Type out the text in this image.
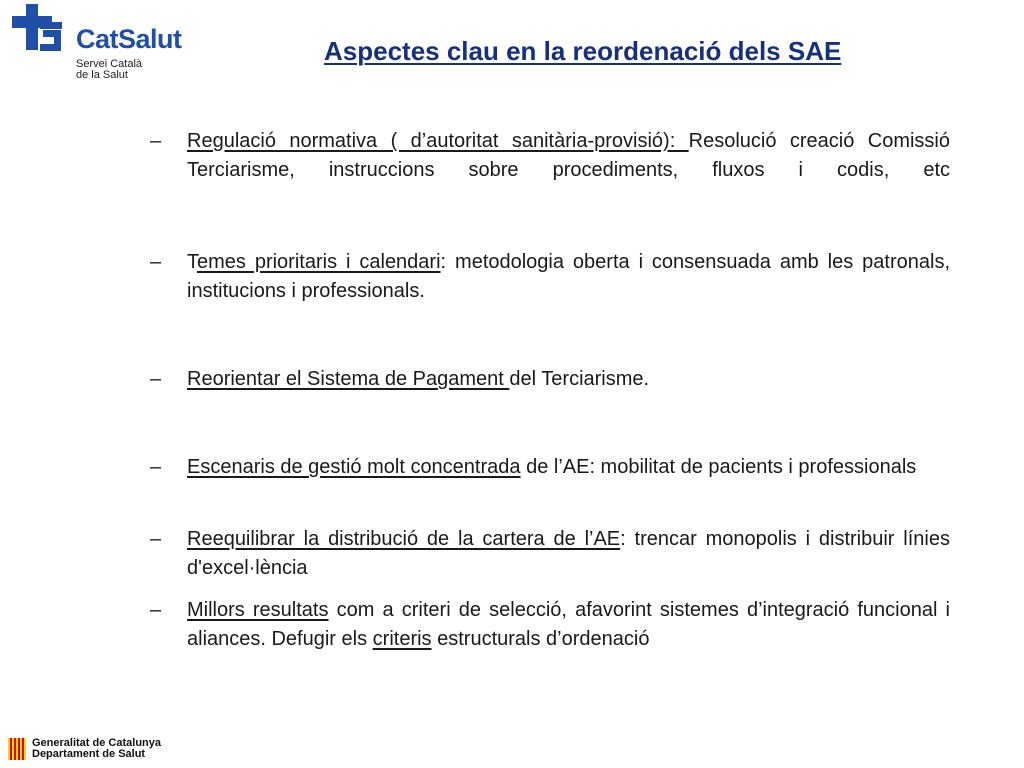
CatSalut
Servei Català
de la Salut
Aspectes clau en la reordenació dels SAE
– Regulació normativa ( d’autoritat sanitària-provisió): Resolució creació Comissió Terciarisme, instruccions sobre procediments, fluxos i codis, etc
– Temes prioritaris i calendari: metodologia oberta i consensuada amb les patronals, institucions i professionals.
– Reorientar el Sistema de Pagament del Terciarisme.
– Escenaris de gestió molt concentrada de l’AE: mobilitat de pacients i professionals
– Reequilibrar la distribució de la cartera de l’AE: trencar monopolis i distribuir línies d'excel·lència
– Millors resultats com a criteri de selecció, afavorint sistemes d’integració funcional i aliances. Defugir els criteris estructurals d’ordenació
Generalitat de Catalunya
Departament de Salut
